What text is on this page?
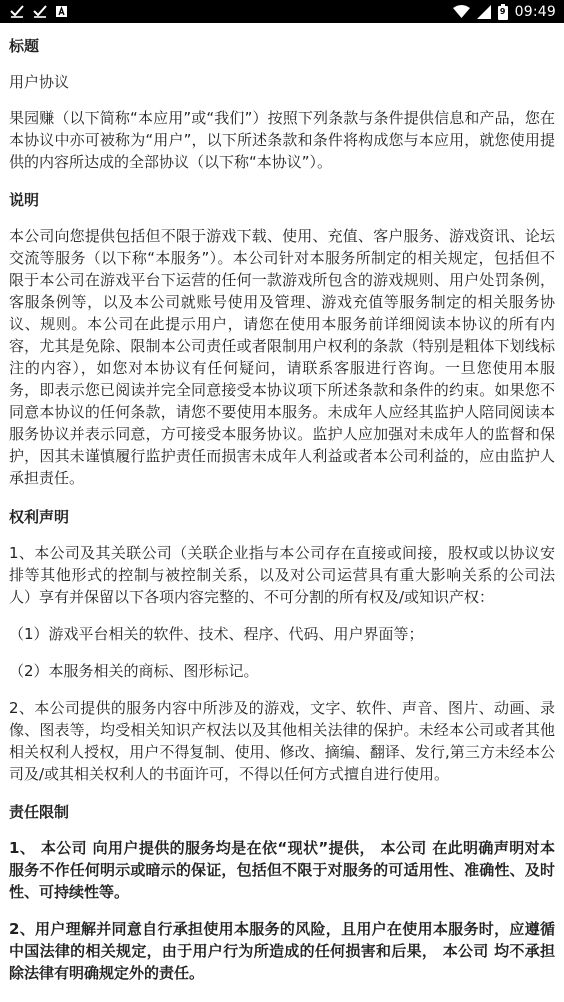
9 09:49

标题

用户协议

果园赚（以下简称“本应用”或“我们”）按照下列条款与条件提供信息和产品，您在本协议中亦可被称为“用户”，以下所述条款和条件将构成您与本应用，就您使用提供的内容所达成的全部协议（以下称“本协议”）。

说明

本公司向您提供包括但不限于游戏下载、使用、充值、客户服务、游戏资讯、论坛交流等服务（以下称“本服务”）。本公司针对本服务所制定的相关规定，包括但不限于本公司在游戏平台下运营的任何一款游戏所包含的游戏规则、用户处罚条例，客服条例等，以及本公司就账号使用及管理、游戏充值等服务制定的相关服务协议、规则。本公司在此提示用户，请您在使用本服务前详细阅读本协议的所有内容，尤其是免除、限制本公司责任或者限制用户权利的条款（特别是粗体下划线标注的内容），如您对本协议有任何疑问，请联系客服进行咨询。一旦您使用本服务，即表示您已阅读并完全同意接受本协议项下所述条款和条件的约束。如果您不同意本协议的任何条款，请您不要使用本服务。未成年人应经其监护人陪同阅读本服务协议并表示同意，方可接受本服务协议。监护人应加强对未成年人的监督和保护，因其未谨慎履行监护责任而损害未成年人利益或者本公司利益的，应由监护人承担责任。

权利声明

1、本公司及其关联公司（关联企业指与本公司存在直接或间接，股权或以协议安排等其他形式的控制与被控制关系，以及对公司运营具有重大影响关系的公司法人）享有并保留以下各项内容完整的、不可分割的所有权及/或知识产权：

（1）游戏平台相关的软件、技术、程序、代码、用户界面等；

（2）本服务相关的商标、图形标记。

2、本公司提供的服务内容中所涉及的游戏，文字、软件、声音、图片、动画、录像、图表等，均受相关知识产权法以及其他相关法律的保护。未经本公司或者其他相关权利人授权，用户不得复制、使用、修改、摘编、翻译、发行,第三方未经本公司及/或其相关权利人的书面许可，不得以任何方式擅自进行使用。

责任限制

1、 本公司 向用户提供的服务均是在依“现状”提供， 本公司 在此明确声明对本服务不作任何明示或暗示的保证，包括但不限于对服务的可适用性、准确性、及时性、可持续性等。

2、用户理解并同意自行承担使用本服务的风险，且用户在使用本服务时，应遵循中国法律的相关规定，由于用户行为所造成的任何损害和后果， 本公司 均不承担除法律有明确规定外的责任。
